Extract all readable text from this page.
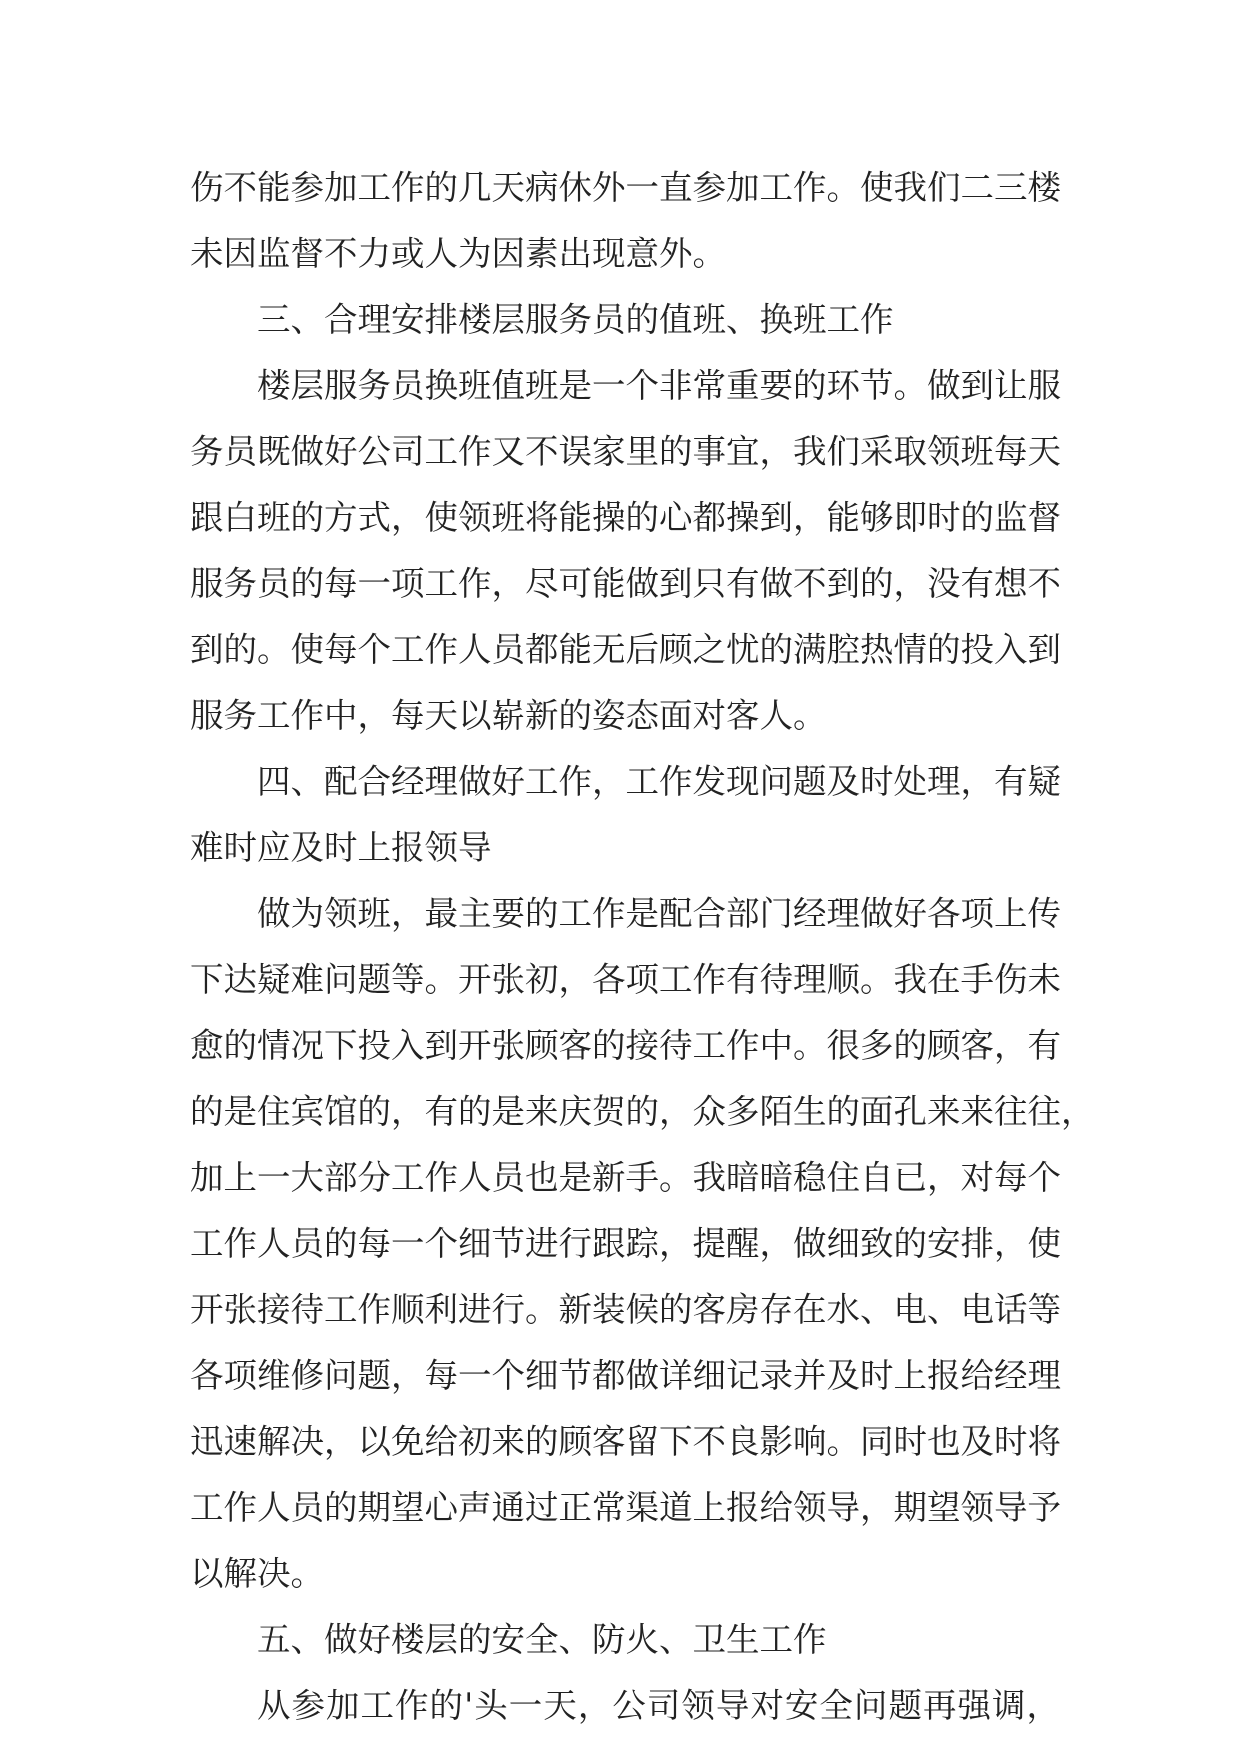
伤不能参加工作的几天病休外一直参加工作。使我们二三楼
未因监督不力或人为因素出现意外。
三、合理安排楼层服务员的值班、换班工作
楼层服务员换班值班是一个非常重要的环节。做到让服
务员既做好公司工作又不误家里的事宜，我们采取领班每天
跟白班的方式，使领班将能操的心都操到，能够即时的监督
服务员的每一项工作，尽可能做到只有做不到的，没有想不
到的。使每个工作人员都能无后顾之忧的满腔热情的投入到
服务工作中，每天以崭新的姿态面对客人。
四、配合经理做好工作，工作发现问题及时处理，有疑
难时应及时上报领导
做为领班，最主要的工作是配合部门经理做好各项上传
下达疑难问题等。开张初，各项工作有待理顺。我在手伤未
愈的情况下投入到开张顾客的接待工作中。很多的顾客，有
的是住宾馆的，有的是来庆贺的，众多陌生的面孔来来往往，
加上一大部分工作人员也是新手。我暗暗稳住自已，对每个
工作人员的每一个细节进行跟踪，提醒，做细致的安排，使
开张接待工作顺利进行。新装候的客房存在水、电、电话等
各项维修问题，每一个细节都做详细记录并及时上报给经理
迅速解决，以免给初来的顾客留下不良影响。同时也及时将
工作人员的期望心声通过正常渠道上报给领导，期望领导予
以解决。
五、做好楼层的安全、防火、卫生工作
从参加工作的'头一天，公司领导对安全问题再强调，
